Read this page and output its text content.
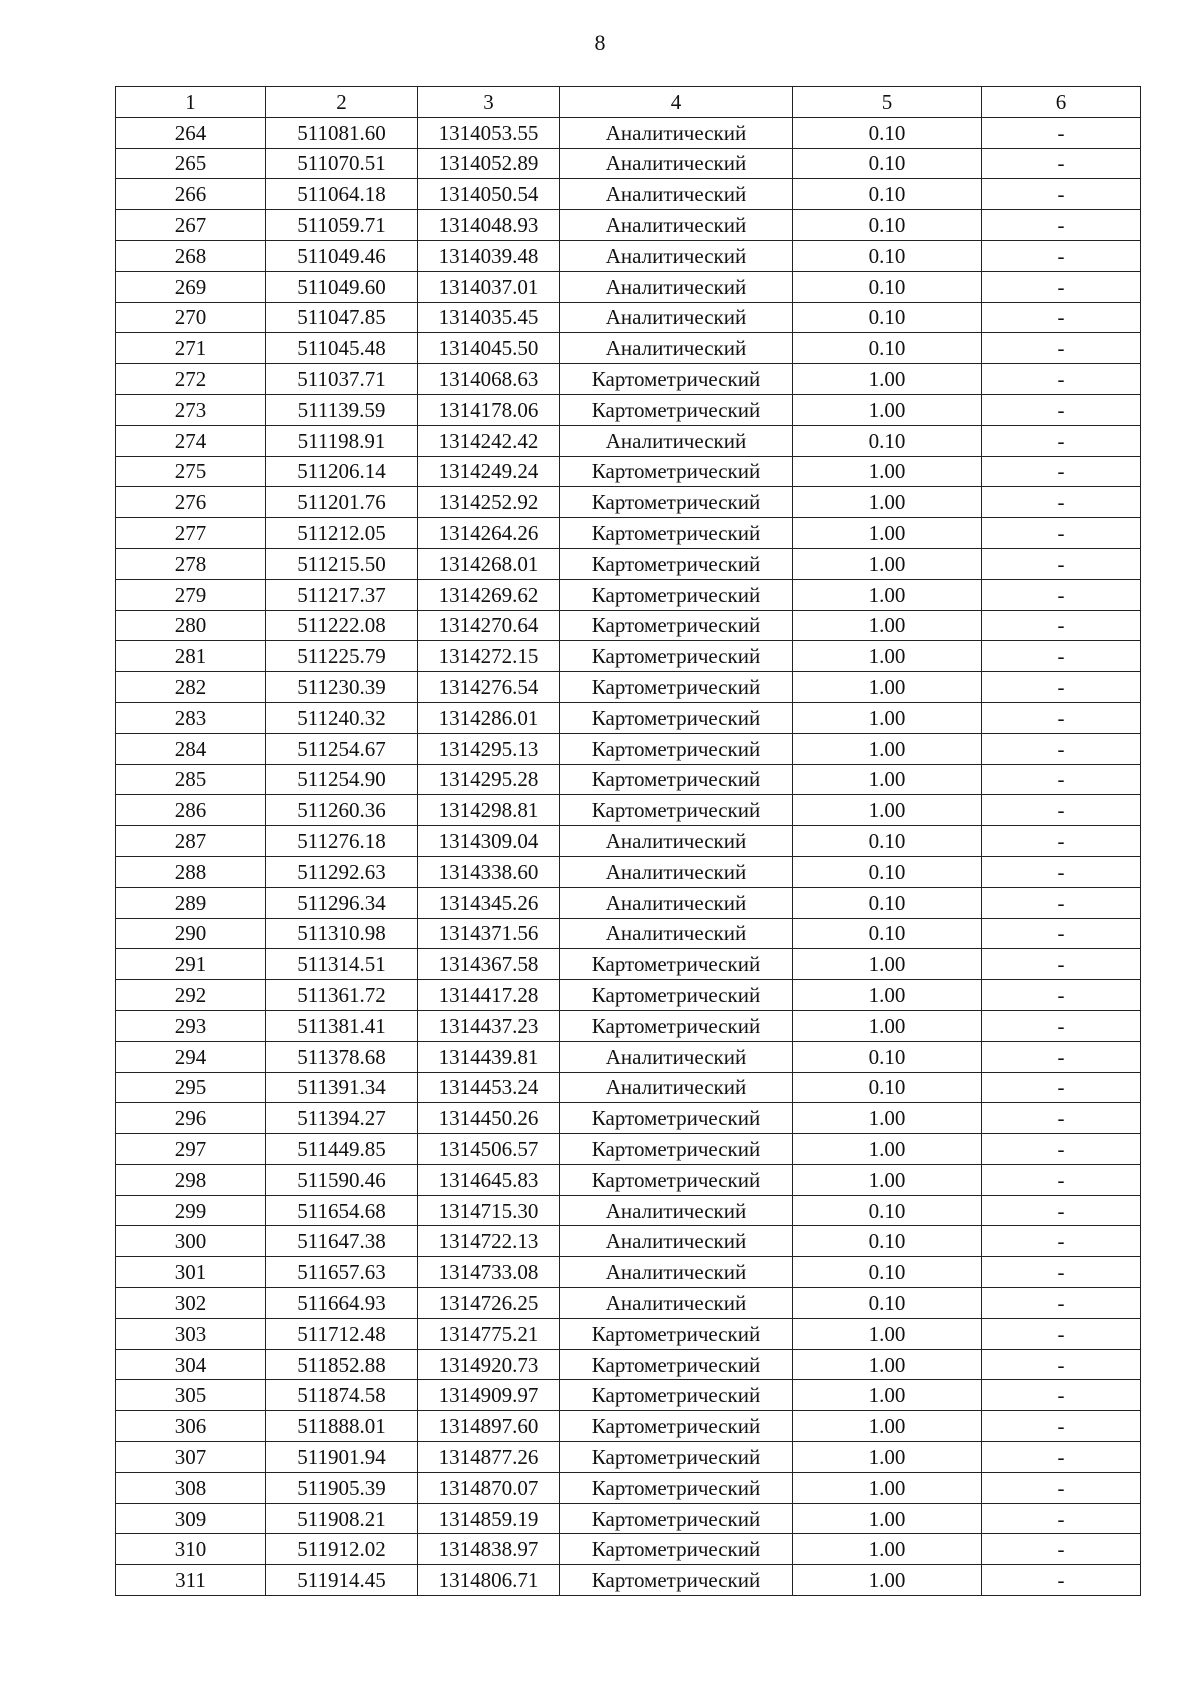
8
1	2	3	4	5	6
264	511081.60	1314053.55	Аналитический	0.10	-
265	511070.51	1314052.89	Аналитический	0.10	-
266	511064.18	1314050.54	Аналитический	0.10	-
267	511059.71	1314048.93	Аналитический	0.10	-
268	511049.46	1314039.48	Аналитический	0.10	-
269	511049.60	1314037.01	Аналитический	0.10	-
270	511047.85	1314035.45	Аналитический	0.10	-
271	511045.48	1314045.50	Аналитический	0.10	-
272	511037.71	1314068.63	Картометрический	1.00	-
273	511139.59	1314178.06	Картометрический	1.00	-
274	511198.91	1314242.42	Аналитический	0.10	-
275	511206.14	1314249.24	Картометрический	1.00	-
276	511201.76	1314252.92	Картометрический	1.00	-
277	511212.05	1314264.26	Картометрический	1.00	-
278	511215.50	1314268.01	Картометрический	1.00	-
279	511217.37	1314269.62	Картометрический	1.00	-
280	511222.08	1314270.64	Картометрический	1.00	-
281	511225.79	1314272.15	Картометрический	1.00	-
282	511230.39	1314276.54	Картометрический	1.00	-
283	511240.32	1314286.01	Картометрический	1.00	-
284	511254.67	1314295.13	Картометрический	1.00	-
285	511254.90	1314295.28	Картометрический	1.00	-
286	511260.36	1314298.81	Картометрический	1.00	-
287	511276.18	1314309.04	Аналитический	0.10	-
288	511292.63	1314338.60	Аналитический	0.10	-
289	511296.34	1314345.26	Аналитический	0.10	-
290	511310.98	1314371.56	Аналитический	0.10	-
291	511314.51	1314367.58	Картометрический	1.00	-
292	511361.72	1314417.28	Картометрический	1.00	-
293	511381.41	1314437.23	Картометрический	1.00	-
294	511378.68	1314439.81	Аналитический	0.10	-
295	511391.34	1314453.24	Аналитический	0.10	-
296	511394.27	1314450.26	Картометрический	1.00	-
297	511449.85	1314506.57	Картометрический	1.00	-
298	511590.46	1314645.83	Картометрический	1.00	-
299	511654.68	1314715.30	Аналитический	0.10	-
300	511647.38	1314722.13	Аналитический	0.10	-
301	511657.63	1314733.08	Аналитический	0.10	-
302	511664.93	1314726.25	Аналитический	0.10	-
303	511712.48	1314775.21	Картометрический	1.00	-
304	511852.88	1314920.73	Картометрический	1.00	-
305	511874.58	1314909.97	Картометрический	1.00	-
306	511888.01	1314897.60	Картометрический	1.00	-
307	511901.94	1314877.26	Картометрический	1.00	-
308	511905.39	1314870.07	Картометрический	1.00	-
309	511908.21	1314859.19	Картометрический	1.00	-
310	511912.02	1314838.97	Картометрический	1.00	-
311	511914.45	1314806.71	Картометрический	1.00	-
